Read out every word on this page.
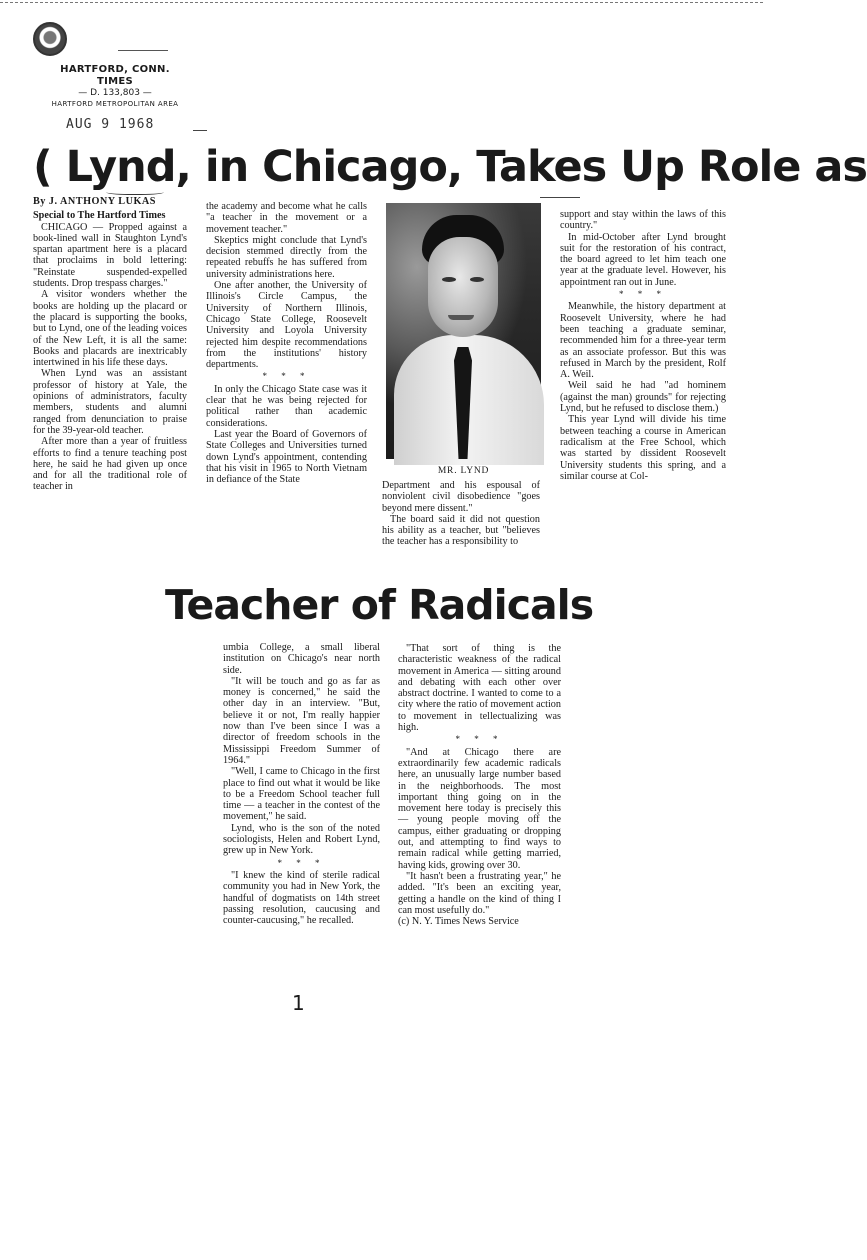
HARTFORD, CONN.
TIMES
— D. 133,803 —
HARTFORD METROPOLITAN AREA
AUG 9 1968
( Lynd, in Chicago, Takes Up Role as

By J. ANTHONY LUKAS

Special to The Hartford Times

CHICAGO — Propped against a book-lined wall in Staughton Lynd's spartan apartment here is a placard that proclaims in bold lettering: "Reinstate suspended-expelled students. Drop trespass charges."

A visitor wonders whether the books are holding up the placard or the placard is supporting the books, but to Lynd, one of the leading voices of the New Left, it is all the same: Books and placards are inextricably intertwined in his life these days.

When Lynd was an assistant professor of history at Yale, the opinions of administrators, faculty members, students and alumni ranged from denunciation to praise for the 39-year-old teacher.

After more than a year of fruitless efforts to find a tenure teaching post here, he said he had given up once and for all the traditional role of teacher in

the academy and become what he calls "a teacher in the movement or a movement teacher."

Skeptics might conclude that Lynd's decision stemmed directly from the repeated rebuffs he has suffered from university administrations here.

One after another, the University of Illinois's Circle Campus, the University of Northern Illinois, Chicago State College, Roosevelt University and Loyola University rejected him despite recommendations from the institutions' history departments.

* * *

In only the Chicago State case was it clear that he was being rejected for political rather than academic considerations.

Last year the Board of Governors of State Colleges and Universities turned down Lynd's appointment, contending that his visit in 1965 to North Vietnam in defiance of the State

MR. LYND

Department and his espousal of nonviolent civil disobedience "goes beyond mere dissent."

The board said it did not question his ability as a teacher, but "believes the teacher has a responsibility to

support and stay within the laws of this country."

In mid-October after Lynd brought suit for the restoration of his contract, the board agreed to let him teach one year at the graduate level. However, his appointment ran out in June.

* * *

Meanwhile, the history department at Roosevelt University, where he had been teaching a graduate seminar, recommended him for a three-year term as an associate professor. But this was refused in March by the president, Rolf A. Weil.

Weil said he had "ad hominem (against the man) grounds" for rejecting Lynd, but he refused to disclose them.)

This year Lynd will divide his time between teaching a course in American radicalism at the Free School, which was started by dissident Roosevelt University students this spring, and a similar course at Col-

Teacher of Radicals

umbia College, a small liberal institution on Chicago's near north side.

"It will be touch and go as far as money is concerned," he said the other day in an interview. "But, believe it or not, I'm really happier now than I've been since I was a director of freedom schools in the Mississippi Freedom Summer of 1964."

"Well, I came to Chicago in the first place to find out what it would be like to be a Freedom School teacher full time — a teacher in the contest of the movement," he said.

Lynd, who is the son of the noted sociologists, Helen and Robert Lynd, grew up in New York.

* * *

"I knew the kind of sterile radical community you had in New York, the handful of dogmatists on 14th street passing resolution, caucusing and counter-caucusing," he recalled.

1

"That sort of thing is the characteristic weakness of the radical movement in America — sitting around and debating with each other over abstract doctrine. I wanted to come to a city where the ratio of movement action to movement in tellectualizing was high.

* * *

"And at Chicago there are extraordinarily few academic radicals here, an unusually large number based in the neighborhoods. The most important thing going on in the movement here today is precisely this — young people moving off the campus, either graduating or dropping out, and attempting to find ways to remain radical while getting married, having kids, growing over 30.

"It hasn't been a frustrating year," he added. "It's been an exciting year, getting a handle on the kind of thing I can most usefully do."

(c) N. Y. Times News Service
